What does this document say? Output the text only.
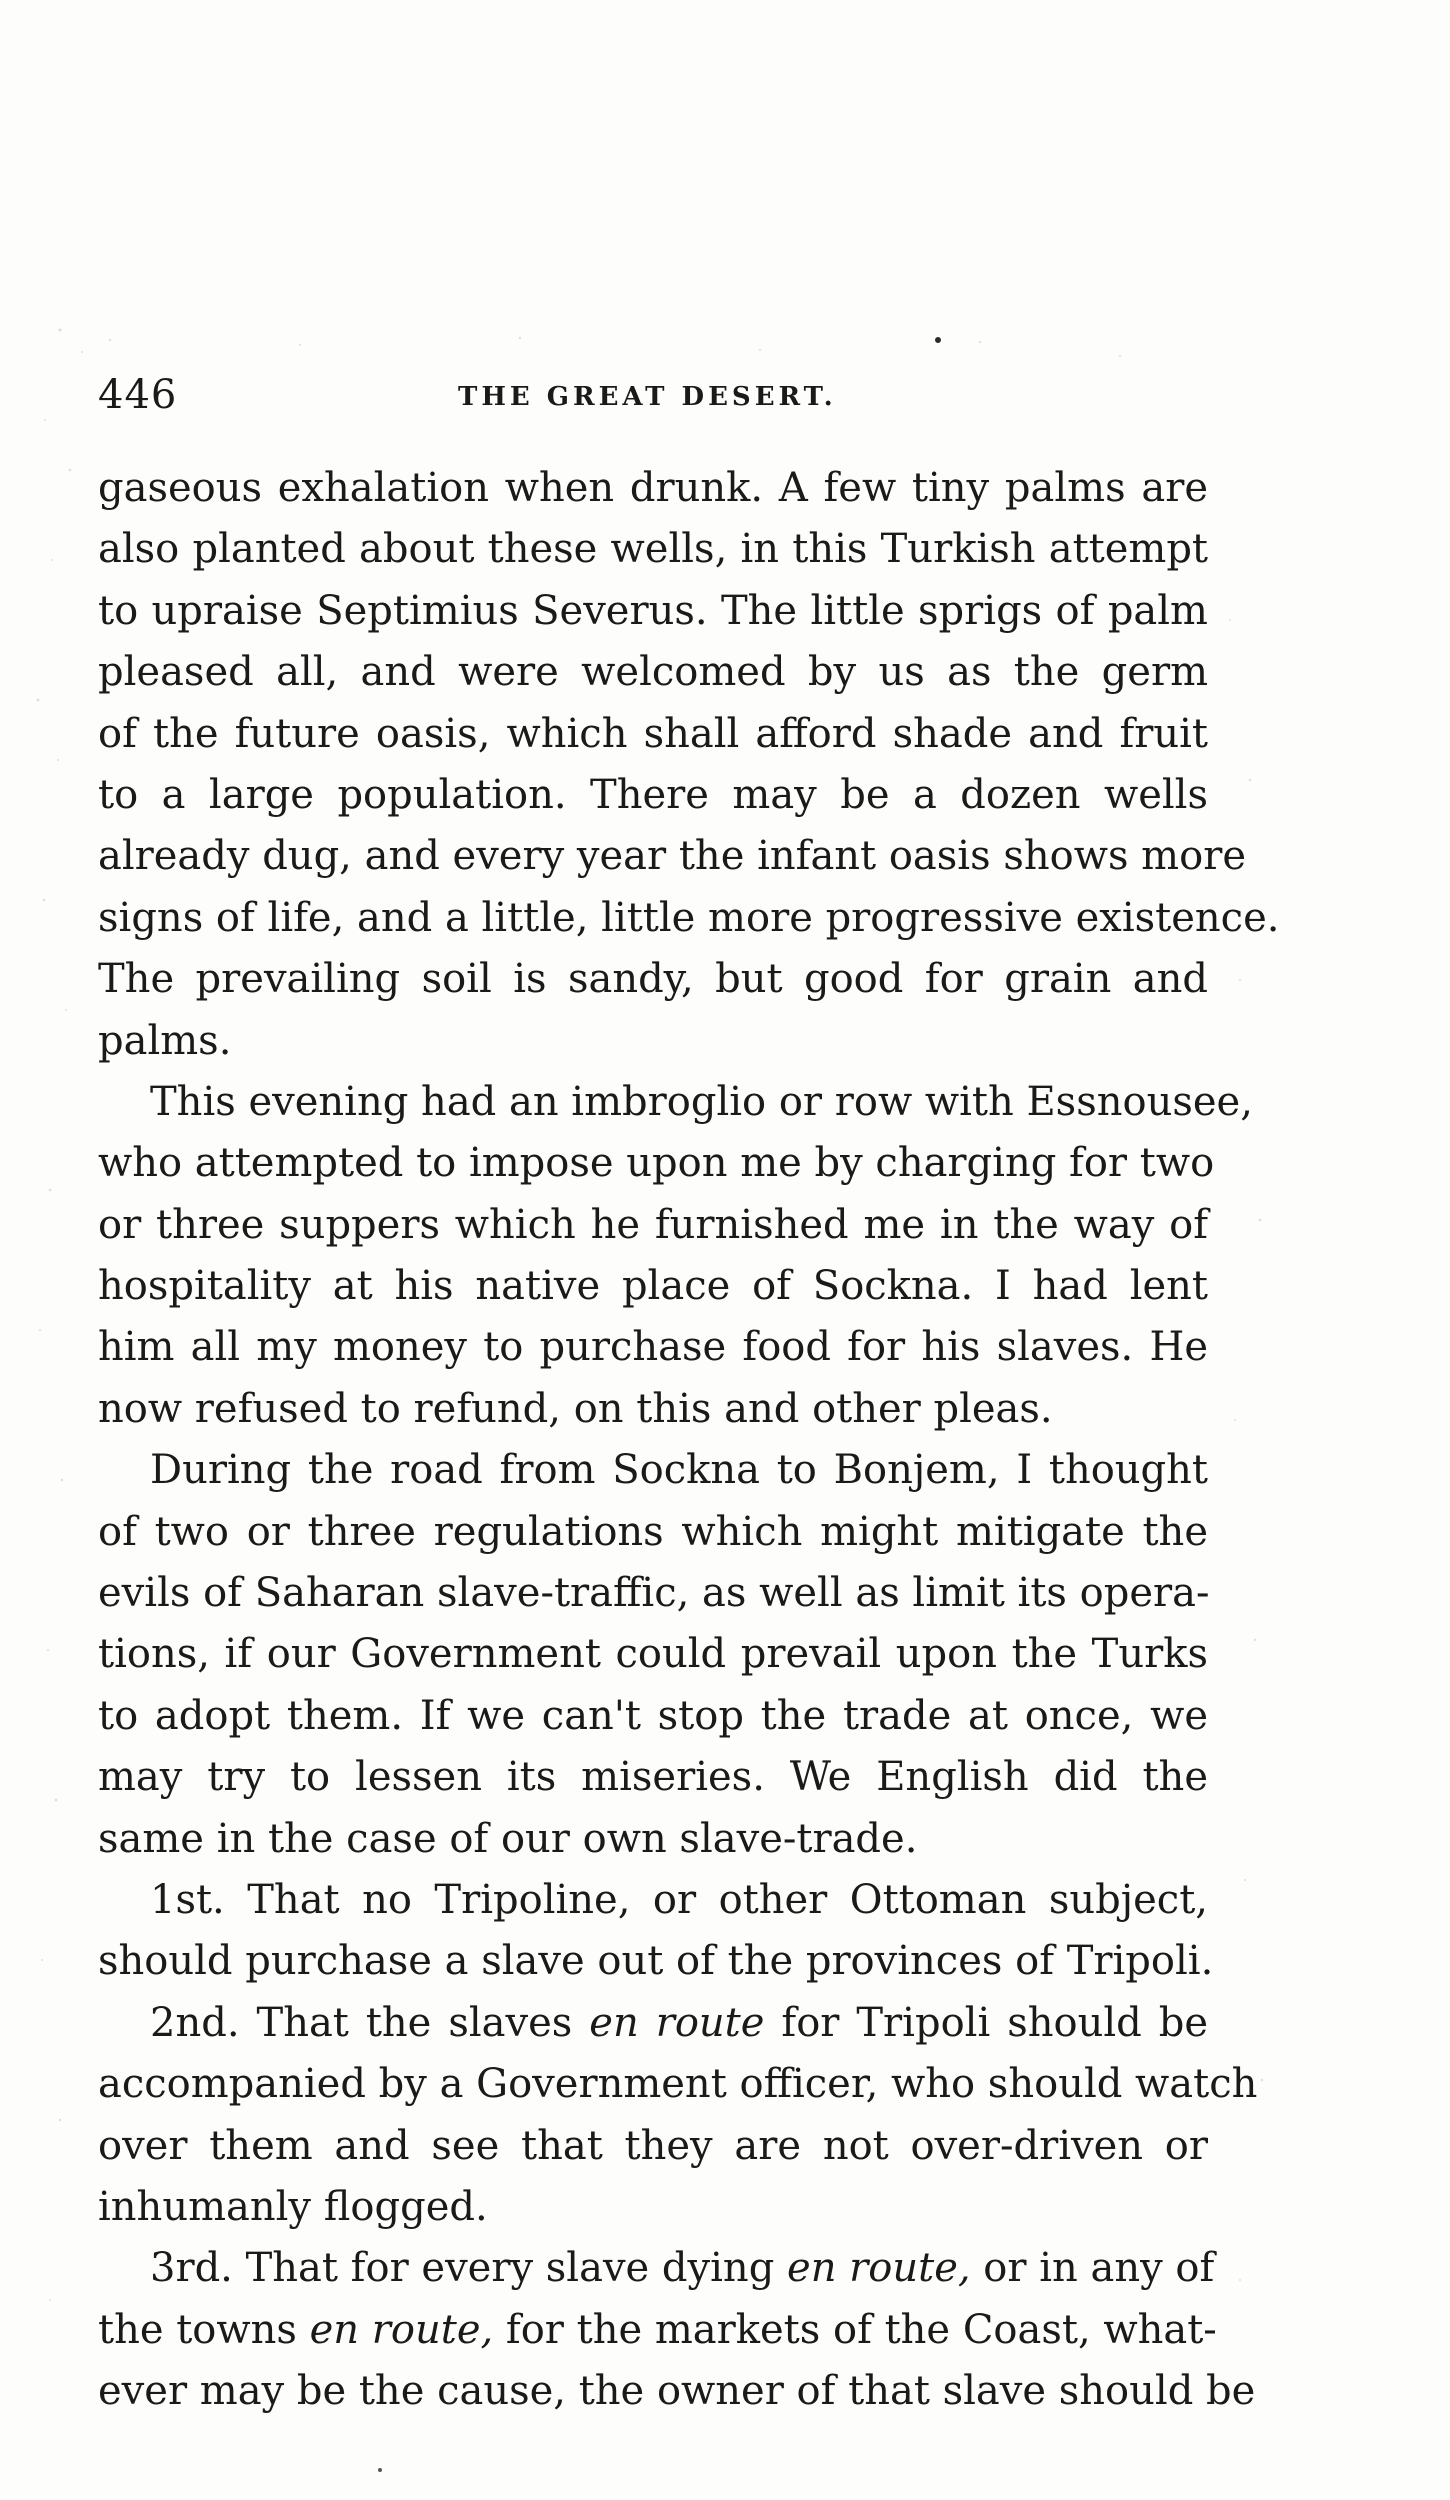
446	THE GREAT DESERT.
gaseous exhalation when drunk. A few tiny palms are
also planted about these wells, in this Turkish attempt
to upraise Septimius Severus. The little sprigs of palm
pleased all, and were welcomed by us as the germ
of the future oasis, which shall afford shade and fruit
to a large population. There may be a dozen wells
already dug, and every year the infant oasis shows more
signs of life, and a little, little more progressive existence.
The prevailing soil is sandy, but good for grain and
palms.
This evening had an imbroglio or row with Essnousee,
who attempted to impose upon me by charging for two
or three suppers which he furnished me in the way of
hospitality at his native place of Sockna. I had lent
him all my money to purchase food for his slaves. He
now refused to refund, on this and other pleas.
During the road from Sockna to Bonjem, I thought
of two or three regulations which might mitigate the
evils of Saharan slave-traffic, as well as limit its opera-
tions, if our Government could prevail upon the Turks
to adopt them. If we can't stop the trade at once, we
may try to lessen its miseries. We English did the
same in the case of our own slave-trade.
1st. That no Tripoline, or other Ottoman subject,
should purchase a slave out of the provinces of Tripoli.
2nd. That the slaves en route for Tripoli should be
accompanied by a Government officer, who should watch
over them and see that they are not over-driven or
inhumanly flogged.
3rd. That for every slave dying en route, or in any of
the towns en route, for the markets of the Coast, what-
ever may be the cause, the owner of that slave should be
